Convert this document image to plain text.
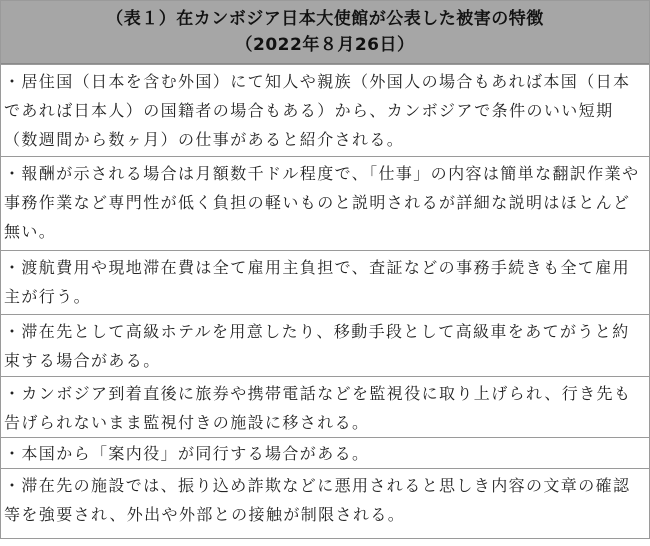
（表１）在カンボジア日本大使館が公表した被害の特徴
（2022年８月26日）
・居住国（日本を含む外国）にて知人や親族（外国人の場合もあれば本国（日本であれば日本人）の国籍者の場合もある）から、カンボジアで条件のいい短期（数週間から数ヶ月）の仕事があると紹介される。
・報酬が示される場合は月額数千ドル程度で、「仕事」の内容は簡単な翻訳作業や事務作業など専門性が低く負担の軽いものと説明されるが詳細な説明はほとんど無い。
・渡航費用や現地滞在費は全て雇用主負担で、査証などの事務手続きも全て雇用主が行う。
・滞在先として高級ホテルを用意したり、移動手段として高級車をあてがうと約束する場合がある。
・カンボジア到着直後に旅券や携帯電話などを監視役に取り上げられ、行き先も告げられないまま監視付きの施設に移される。
・本国から「案内役」が同行する場合がある。
・滞在先の施設では、振り込め詐欺などに悪用されると思しき内容の文章の確認等を強要され、外出や外部との接触が制限される。
